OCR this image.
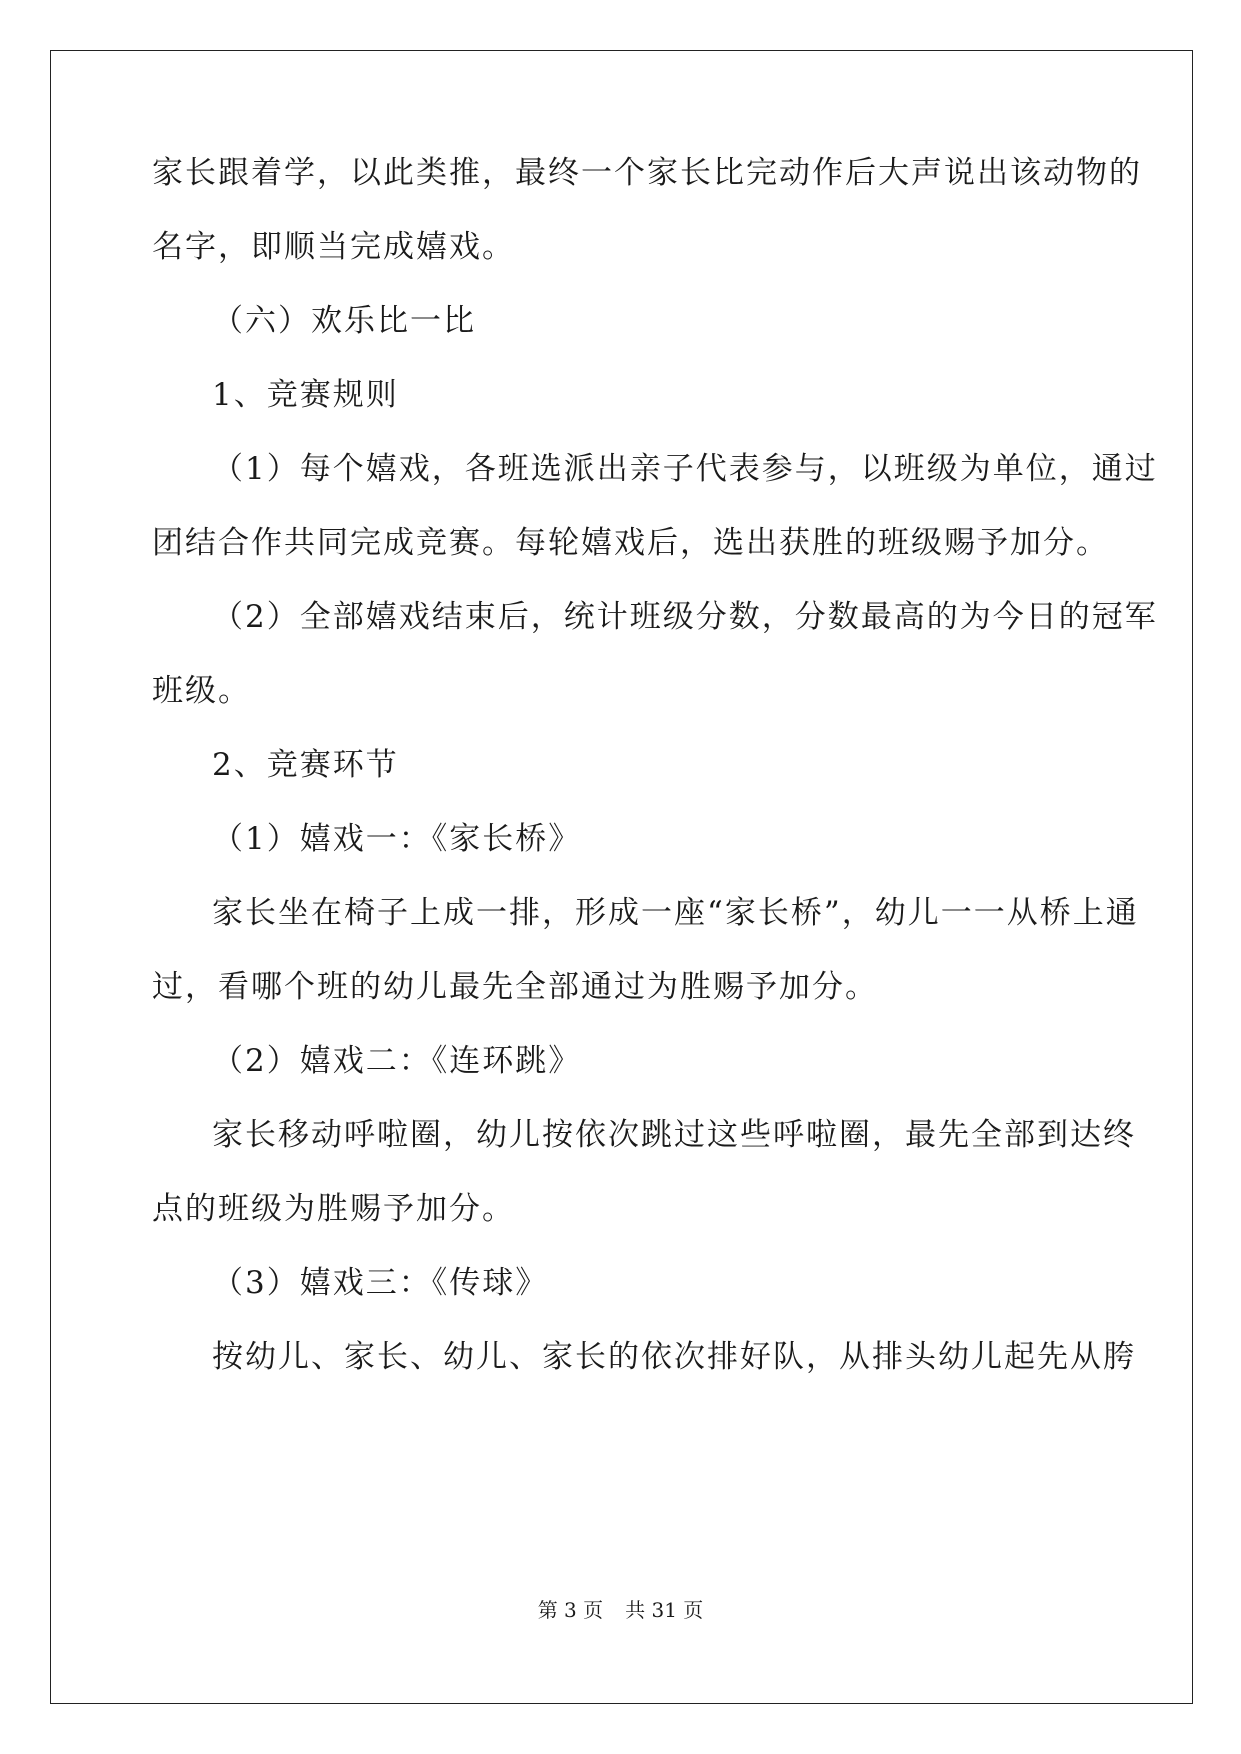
家长跟着学，以此类推，最终一个家长比完动作后大声说出该动物的
名字，即顺当完成嬉戏。
（六）欢乐比一比
1、竞赛规则
（1）每个嬉戏，各班选派出亲子代表参与，以班级为单位，通过
团结合作共同完成竞赛。每轮嬉戏后，选出获胜的班级赐予加分。
（2）全部嬉戏结束后，统计班级分数，分数最高的为今日的冠军
班级。
2、竞赛环节
（1）嬉戏一：《家长桥》
家长坐在椅子上成一排，形成一座“家长桥”，幼儿一一从桥上通
过，看哪个班的幼儿最先全部通过为胜赐予加分。
（2）嬉戏二：《连环跳》
家长移动呼啦圈，幼儿按依次跳过这些呼啦圈，最先全部到达终
点的班级为胜赐予加分。
（3）嬉戏三：《传球》
按幼儿、家长、幼儿、家长的依次排好队，从排头幼儿起先从胯
第 3 页 共 31 页
